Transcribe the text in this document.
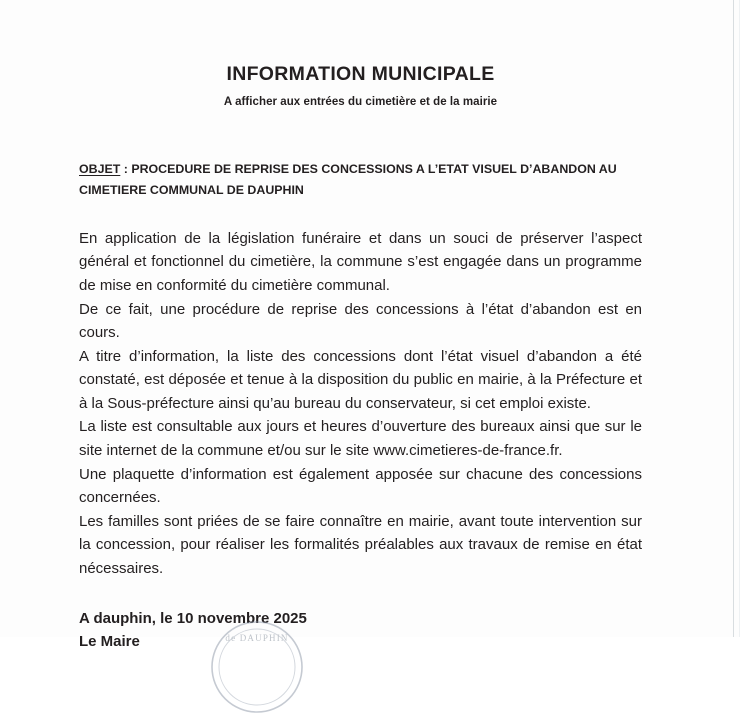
INFORMATION MUNICIPALE
A afficher aux entrées du cimetière et de la mairie
OBJET : PROCEDURE DE REPRISE DES CONCESSIONS A L’ETAT VISUEL D’ABANDON AU CIMETIERE COMMUNAL DE DAUPHIN

En application de la législation funéraire et dans un souci de préserver l’aspect général et fonctionnel du cimetière, la commune s’est engagée dans un programme de mise en conformité du cimetière communal.

De ce fait, une procédure de reprise des concessions à l’état d’abandon est en cours.

A titre d’information, la liste des concessions dont l’état visuel d’abandon a été constaté, est déposée et tenue à la disposition du public en mairie, à la Préfecture et à la Sous-préfecture ainsi qu’au bureau du conservateur, si cet emploi existe.

La liste est consultable aux jours et heures d’ouverture des bureaux ainsi que sur le site internet de la commune et/ou sur le site www.cimetieres-de-france.fr.

Une plaquette d’information est également apposée sur chacune des concessions concernées.

Les familles sont priées de se faire connaître en mairie, avant toute intervention sur la concession, pour réaliser les formalités préalables aux travaux de remise en état nécessaires.

A dauphin, le 10 novembre 2025
Le Maire	de DAUPHIN
